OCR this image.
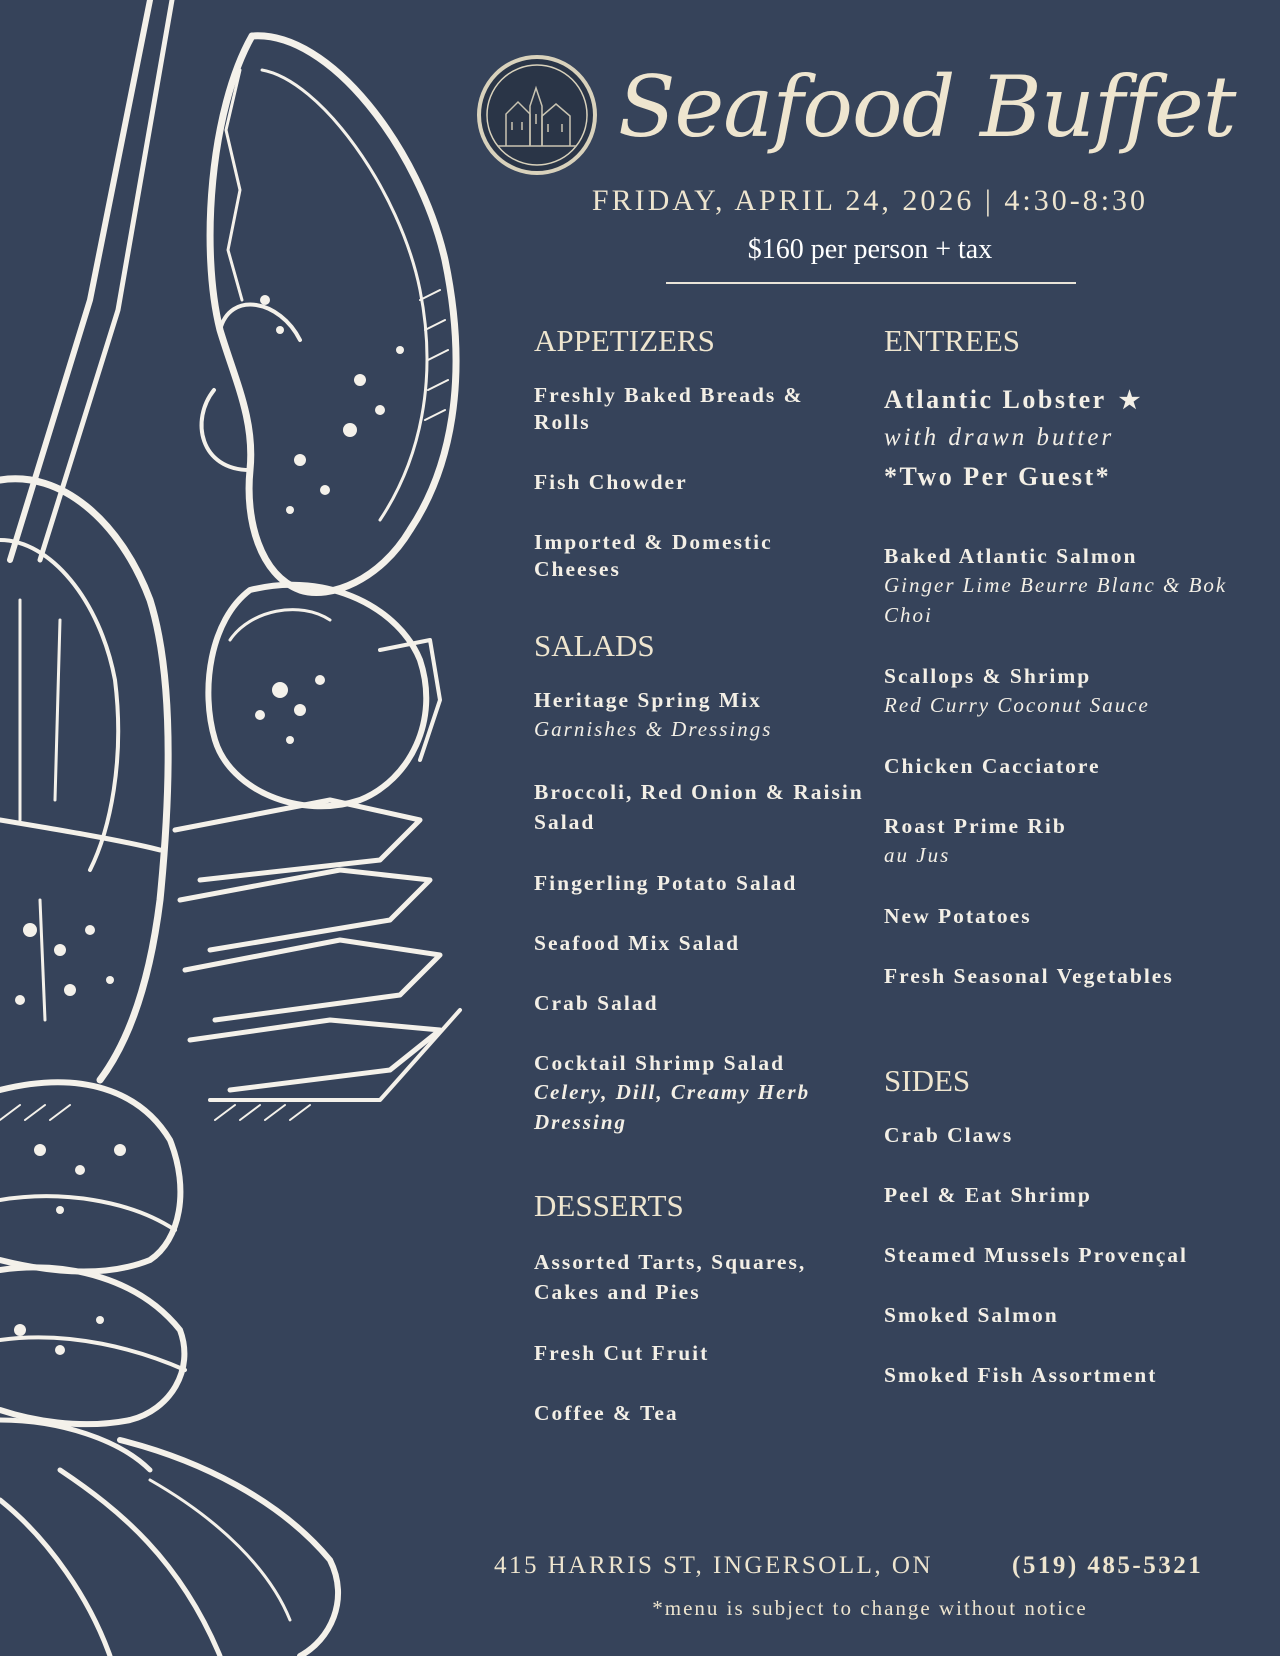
Seafood Buffet
FRIDAY, APRIL 24, 2026 | 4:30-8:30
$160 per person + tax
APPETIZERS
Freshly Baked Breads & Rolls
Fish Chowder
Imported & Domestic Cheeses
SALADS
Heritage Spring Mix
Garnishes & Dressings
Broccoli, Red Onion & Raisin Salad
Fingerling Potato Salad
Seafood Mix Salad
Crab Salad
Cocktail Shrimp Salad
Celery, Dill, Creamy Herb Dressing
DESSERTS
Assorted Tarts, Squares, Cakes and Pies
Fresh Cut Fruit
Coffee & Tea
ENTREES
Atlantic Lobster ★
with drawn butter
*Two Per Guest*
Baked Atlantic Salmon
Ginger Lime Beurre Blanc & Bok Choi
Scallops & Shrimp
Red Curry Coconut Sauce
Chicken Cacciatore
Roast Prime Rib
au Jus
New Potatoes
Fresh Seasonal Vegetables
SIDES
Crab Claws
Peel & Eat Shrimp
Steamed Mussels Provençal
Smoked Salmon
Smoked Fish Assortment
415 HARRIS ST, INGERSOLL, ON	(519) 485-5321
*menu is subject to change without notice
